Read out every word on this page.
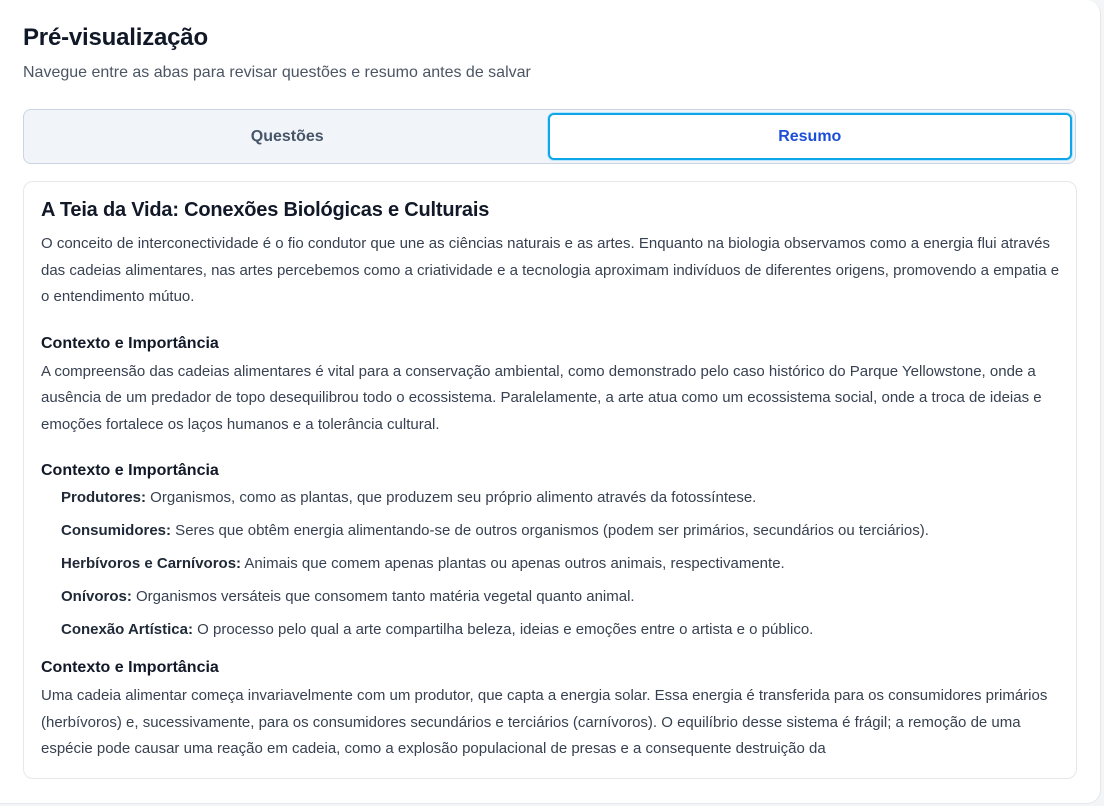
Pré-visualização

Navegue entre as abas para revisar questões e resumo antes de salvar

Questões	Resumo
A Teia da Vida: Conexões Biológicas e Culturais

O conceito de interconectividade é o fio condutor que une as ciências naturais e as artes. Enquanto na biologia observamos como a energia flui através das cadeias alimentares, nas artes percebemos como a criatividade e a tecnologia aproximam indivíduos de diferentes origens, promovendo a empatia e o entendimento mútuo.

Contexto e Importância

A compreensão das cadeias alimentares é vital para a conservação ambiental, como demonstrado pelo caso histórico do Parque Yellowstone, onde a ausência de um predador de topo desequilibrou todo o ecossistema. Paralelamente, a arte atua como um ecossistema social, onde a troca de ideias e emoções fortalece os laços humanos e a tolerância cultural.

Contexto e Importância
Produtores: Organismos, como as plantas, que produzem seu próprio alimento através da fotossíntese.
Consumidores: Seres que obtêm energia alimentando-se de outros organismos (podem ser primários, secundários ou terciários).
Herbívoros e Carnívoros: Animais que comem apenas plantas ou apenas outros animais, respectivamente.
Onívoros: Organismos versáteis que consomem tanto matéria vegetal quanto animal.
Conexão Artística: O processo pelo qual a arte compartilha beleza, ideias e emoções entre o artista e o público.
Contexto e Importância

Uma cadeia alimentar começa invariavelmente com um produtor, que capta a energia solar. Essa energia é transferida para os consumidores primários (herbívoros) e, sucessivamente, para os consumidores secundários e terciários (carnívoros). O equilíbrio desse sistema é frágil; a remoção de uma espécie pode causar uma reação em cadeia, como a explosão populacional de presas e a consequente destruição da
